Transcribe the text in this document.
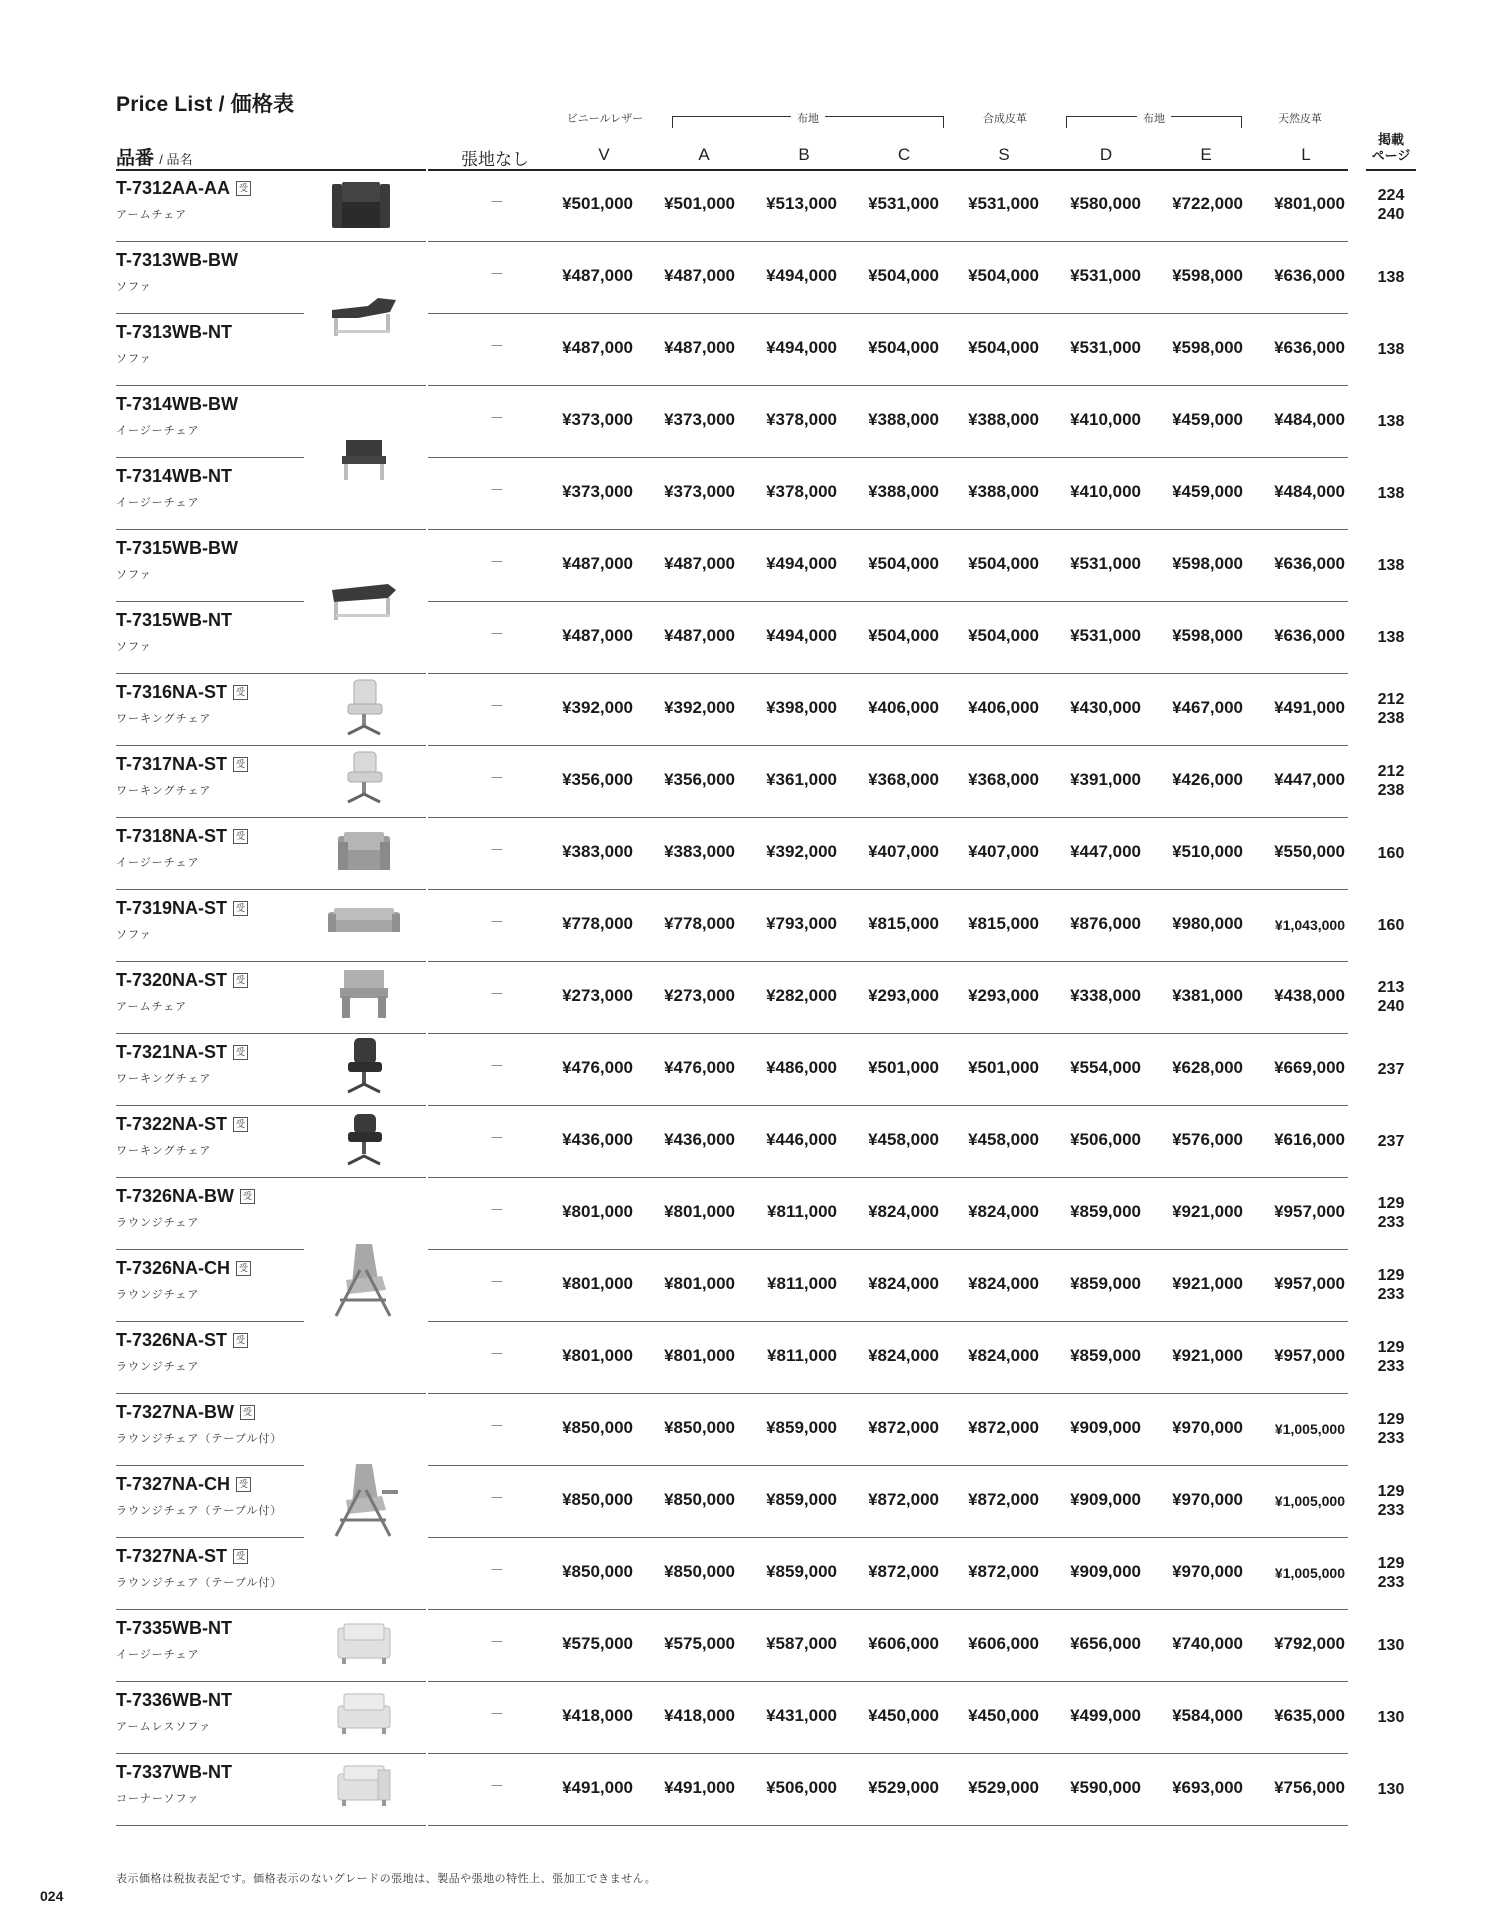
Price List / 価格表
ビニールレザー	布地	合成皮革	布地	天然皮革
品番 / 品名	張地なし	V	A	B	C	S	D	E	L
掲載
ページ
T-7312AA-AA 受
アームチェア
－	¥501,000	¥501,000	¥513,000	¥531,000	¥531,000	¥580,000	¥722,000	¥801,000	224
240
T-7313WB-BW
ソファ
－	¥487,000	¥487,000	¥494,000	¥504,000	¥504,000	¥531,000	¥598,000	¥636,000	138
T-7313WB-NT
ソファ
－	¥487,000	¥487,000	¥494,000	¥504,000	¥504,000	¥531,000	¥598,000	¥636,000	138
T-7314WB-BW
イージーチェア
－	¥373,000	¥373,000	¥378,000	¥388,000	¥388,000	¥410,000	¥459,000	¥484,000	138
T-7314WB-NT
イージーチェア
－	¥373,000	¥373,000	¥378,000	¥388,000	¥388,000	¥410,000	¥459,000	¥484,000	138
T-7315WB-BW
ソファ
－	¥487,000	¥487,000	¥494,000	¥504,000	¥504,000	¥531,000	¥598,000	¥636,000	138
T-7315WB-NT
ソファ
－	¥487,000	¥487,000	¥494,000	¥504,000	¥504,000	¥531,000	¥598,000	¥636,000	138
T-7316NA-ST 受
ワーキングチェア
－	¥392,000	¥392,000	¥398,000	¥406,000	¥406,000	¥430,000	¥467,000	¥491,000	212
238
T-7317NA-ST 受
ワーキングチェア
－	¥356,000	¥356,000	¥361,000	¥368,000	¥368,000	¥391,000	¥426,000	¥447,000	212
238
T-7318NA-ST 受
イージーチェア
－	¥383,000	¥383,000	¥392,000	¥407,000	¥407,000	¥447,000	¥510,000	¥550,000	160
T-7319NA-ST 受
ソファ
－	¥778,000	¥778,000	¥793,000	¥815,000	¥815,000	¥876,000	¥980,000	¥1,043,000	160
T-7320NA-ST 受
アームチェア
－	¥273,000	¥273,000	¥282,000	¥293,000	¥293,000	¥338,000	¥381,000	¥438,000	213
240
T-7321NA-ST 受
ワーキングチェア
－	¥476,000	¥476,000	¥486,000	¥501,000	¥501,000	¥554,000	¥628,000	¥669,000	237
T-7322NA-ST 受
ワーキングチェア
－	¥436,000	¥436,000	¥446,000	¥458,000	¥458,000	¥506,000	¥576,000	¥616,000	237
T-7326NA-BW 受
ラウンジチェア
－	¥801,000	¥801,000	¥811,000	¥824,000	¥824,000	¥859,000	¥921,000	¥957,000	129
233
T-7326NA-CH 受
ラウンジチェア
－	¥801,000	¥801,000	¥811,000	¥824,000	¥824,000	¥859,000	¥921,000	¥957,000	129
233
T-7326NA-ST 受
ラウンジチェア
－	¥801,000	¥801,000	¥811,000	¥824,000	¥824,000	¥859,000	¥921,000	¥957,000	129
233
T-7327NA-BW 受
ラウンジチェア（テーブル付）
－	¥850,000	¥850,000	¥859,000	¥872,000	¥872,000	¥909,000	¥970,000	¥1,005,000
129
233
T-7327NA-CH 受
ラウンジチェア（テーブル付）
－	¥850,000	¥850,000	¥859,000	¥872,000	¥872,000	¥909,000	¥970,000	¥1,005,000
129
233
T-7327NA-ST 受
ラウンジチェア（テーブル付）
－	¥850,000	¥850,000	¥859,000	¥872,000	¥872,000	¥909,000	¥970,000	¥1,005,000
129
233
T-7335WB-NT
イージーチェア
－	¥575,000	¥575,000	¥587,000	¥606,000	¥606,000	¥656,000	¥740,000	¥792,000	130
T-7336WB-NT
アームレスソファ
－	¥418,000	¥418,000	¥431,000	¥450,000	¥450,000	¥499,000	¥584,000	¥635,000	130
T-7337WB-NT
コーナーソファ
－	¥491,000	¥491,000	¥506,000	¥529,000	¥529,000	¥590,000	¥693,000	¥756,000	130
表示価格は税抜表記です。価格表示のないグレードの張地は、製品や張地の特性上、張加工できません。
024
